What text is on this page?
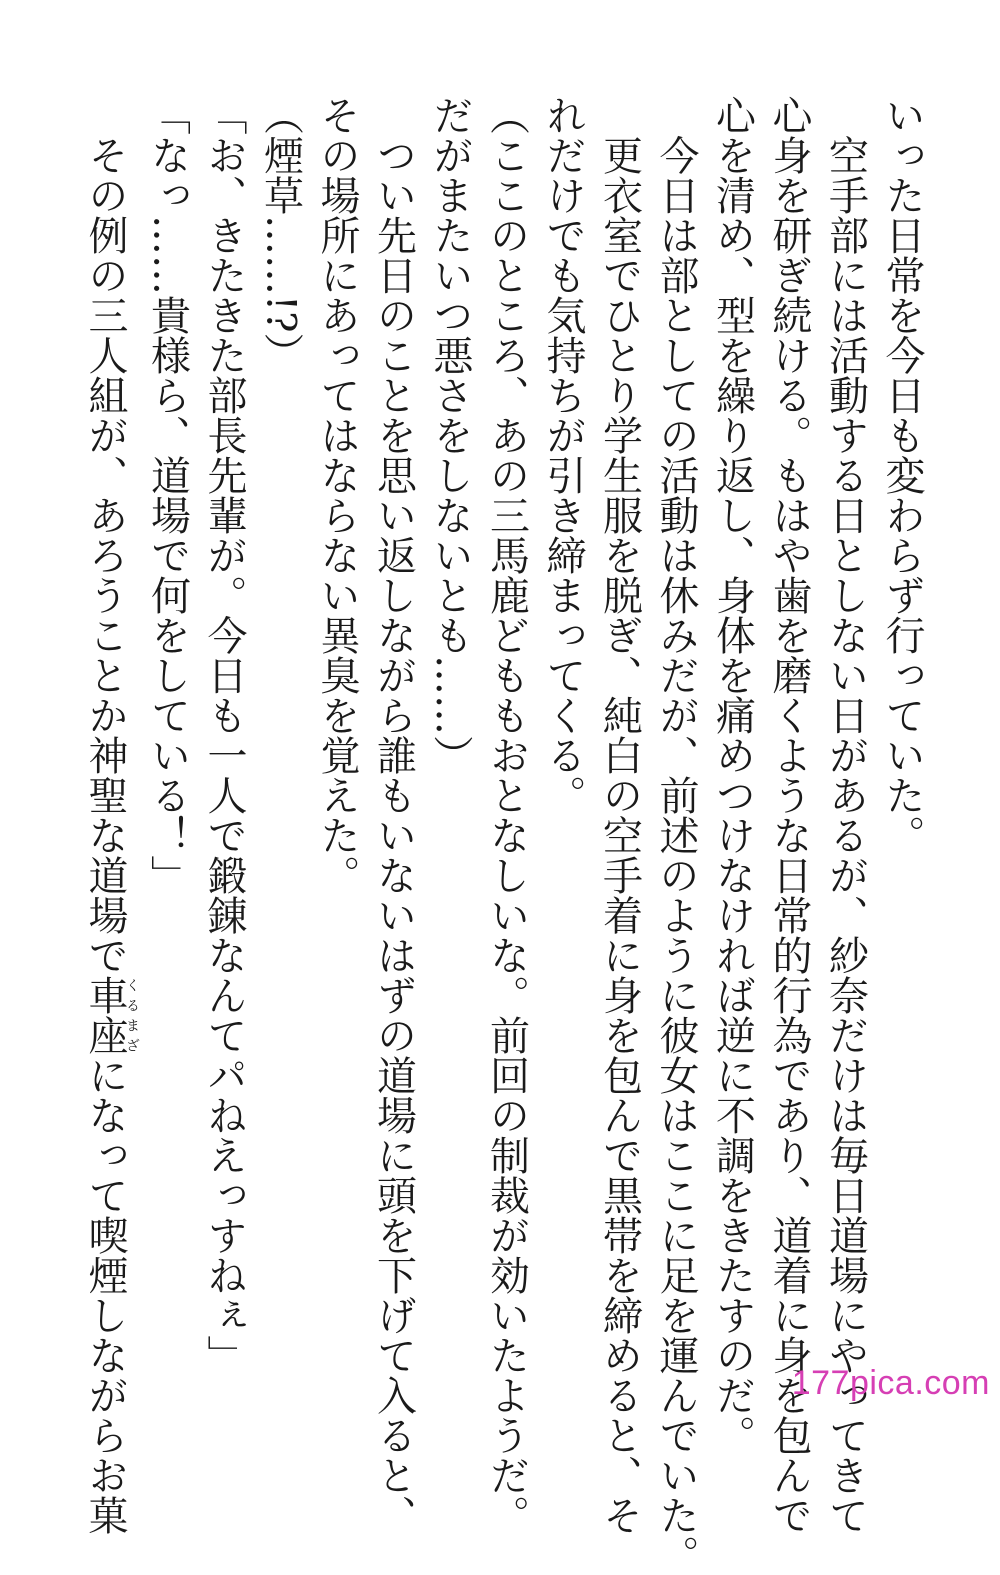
いった日常を今日も変わらず行っていた。
　空手部には活動する日としない日があるが、紗奈だけは毎日道場にやってきて
心身を研ぎ続ける。もはや歯を磨くような日常的行為であり、道着に身を包んで
心を清め、型を繰り返し、身体を痛めつけなければ逆に不調をきたすのだ。
　今日は部としての活動は休みだが、前述のように彼女はここに足を運んでいた。
　更衣室でひとり学生服を脱ぎ、純白の空手着に身を包んで黒帯を締めると、そ
れだけでも気持ちが引き締まってくる。
（ここのところ、あの三馬鹿どももおとなしいな。前回の制裁が効いたようだ。
だがまたいつ悪さをしないとも……）
　つい先日のことを思い返しながら誰もいないはずの道場に頭を下げて入ると、
その場所にあってはならない異臭を覚えた。
（煙草……!?）
「お、きたきた部長先輩が。今日も一人で鍛錬なんてパねえっすねぇ」
「なっ……貴様ら、道場で何をしている！」
　その例の三人組が、あろうことか神聖な道場で車座くるまざになって喫煙しながらお菓	177pica.com
